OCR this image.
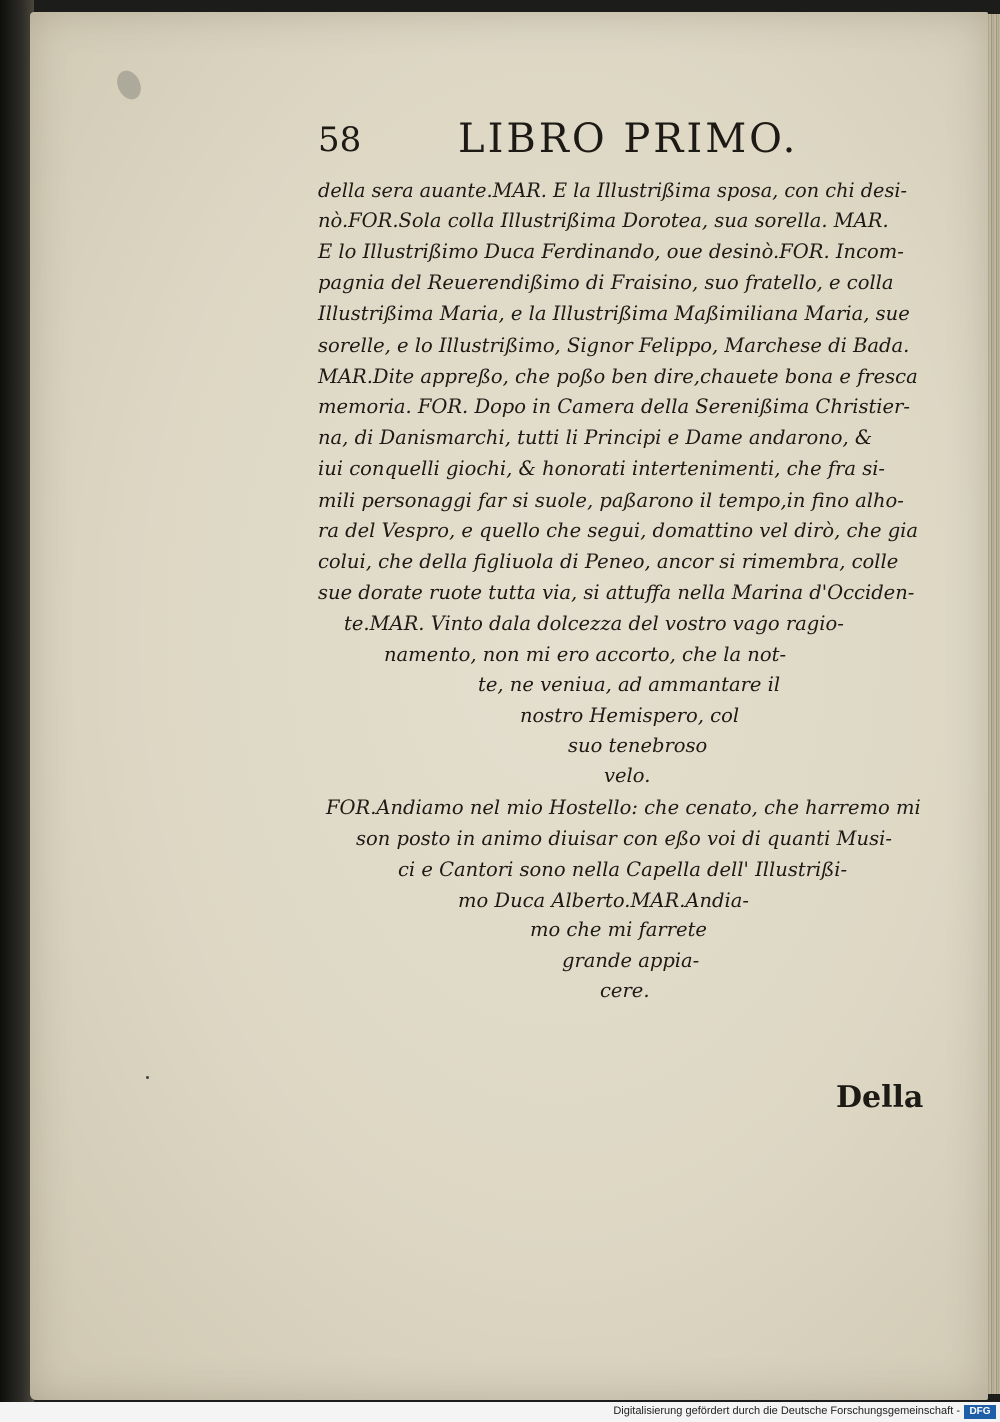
58 LIBRO PRIMO.
della sera auante.MAR. E la Illustrißima sposa, con chi desi-
nò.FOR.Sola colla Illustrißima Dorotea, sua sorella. MAR.
E lo Illustrißimo Duca Ferdinando, oue desinò.FOR. Incom-
pagnia del Reuerendißimo di Fraisino, suo fratello, e colla
Illustrißima Maria, e la Illustrißima Maßimiliana Maria, sue
sorelle, e lo Illustrißimo, Signor Felippo, Marchese di Bada.
MAR.Dite appreßo, che poßo ben dire,chauete bona e fresca
memoria. FOR. Dopo in Camera della Serenißima Christier-
na, di Danismarchi, tutti li Principi e Dame andarono, &
iui conquelli giochi, & honorati intertenimenti, che fra si-
mili personaggi far si suole, paßarono il tempo,in fino alho-
ra del Vespro, e quello che segui, domattino vel dirò, che gia
colui, che della figliuola di Peneo, ancor si rimembra, colle
sue dorate ruote tutta via, si attuffa nella Marina d'Occiden-
te.MAR. Vinto dala dolcezza del vostro vago ragio-
namento, non mi ero accorto, che la not-
te, ne veniua, ad ammantare il
nostro Hemispero, col
suo tenebroso
velo.
FOR.Andiamo nel mio Hostello: che cenato, che harremo mi
son posto in animo diuisar con eßo voi di quanti Musi-
ci e Cantori sono nella Capella dell' Illustrißi-
mo Duca Alberto.MAR.Andia-
mo che mi farrete
grande appia-
cere.
Della
Digitalisierung gefördert durch die Deutsche Forschungsgemeinschaft - DFG
